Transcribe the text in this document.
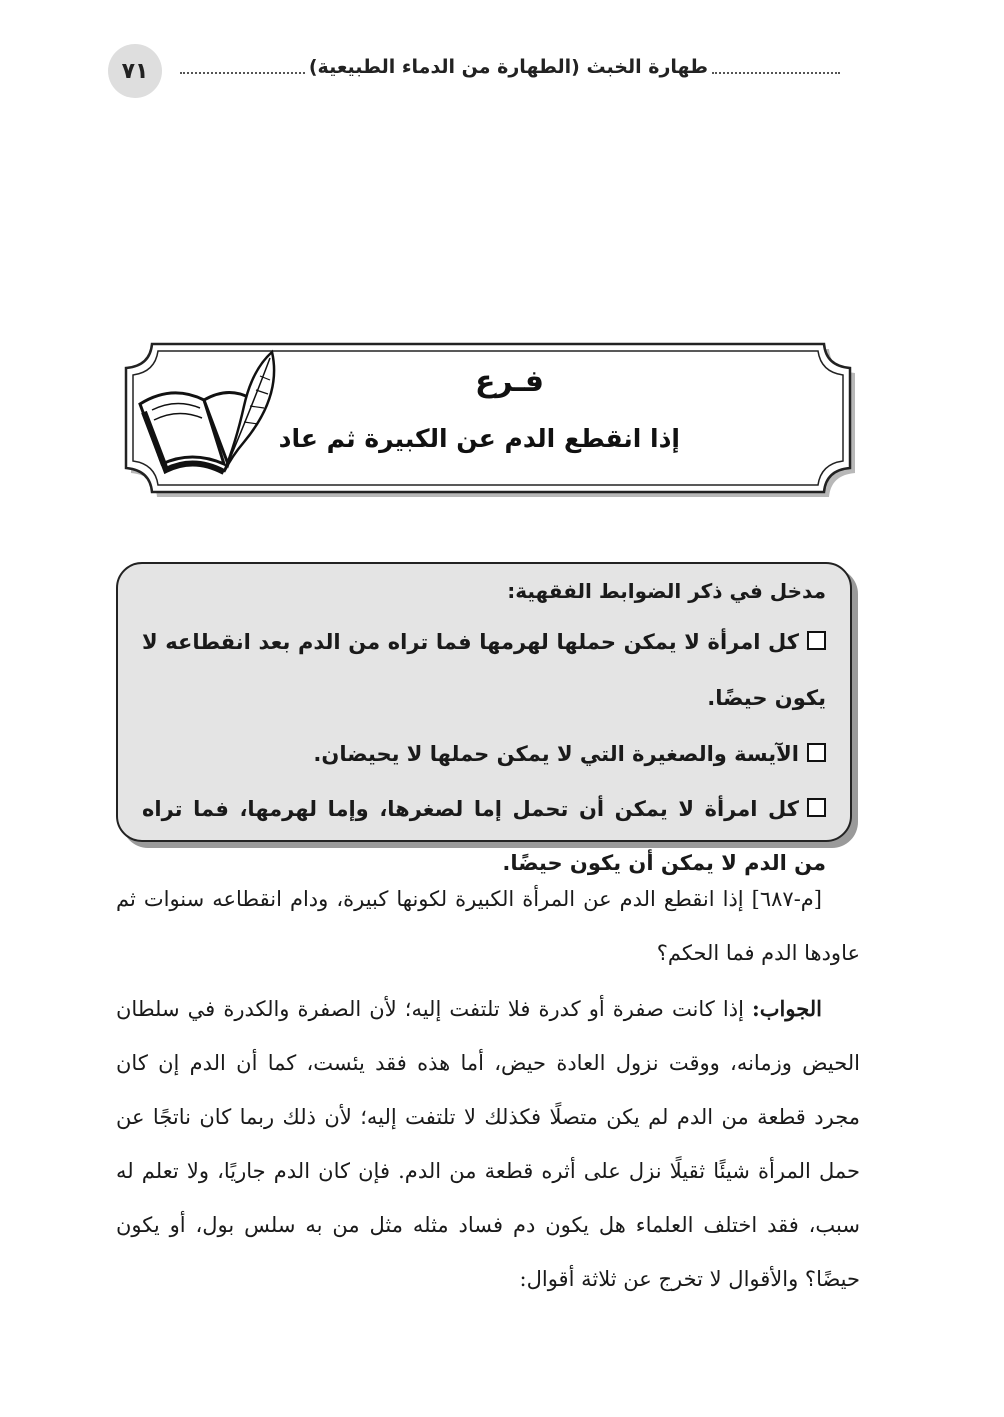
٧١	طهارة الخبث (الطهارة من الدماء الطبيعية)
فـرع
إذا انقطع الدم عن الكبيرة ثم عاد
مدخل في ذكر الضوابط الفقهية:

كل امرأة لا يمكن حملها لهرمها فما تراه من الدم بعد انقطاعه لا يكون حيضًا.

الآيسة والصغيرة التي لا يمكن حملها لا يحيضان.

كل امرأة لا يمكن أن تحمل إما لصغرها، وإما لهرمها، فما تراه من الدم لا يمكن أن يكون حيضًا.

[م-٦٨٧] إذا انقطع الدم عن المرأة الكبيرة لكونها كبيرة، ودام انقطاعه سنوات ثم عاودها الدم فما الحكم؟

الجواب: إذا كانت صفرة أو كدرة فلا تلتفت إليه؛ لأن الصفرة والكدرة في سلطان الحيض وزمانه، ووقت نزول العادة حيض، أما هذه فقد يئست، كما أن الدم إن كان مجرد قطعة من الدم لم يكن متصلًا فكذلك لا تلتفت إليه؛ لأن ذلك ربما كان ناتجًا عن حمل المرأة شيئًا ثقيلًا نزل على أثره قطعة من الدم. فإن كان الدم جاريًا، ولا تعلم له سبب، فقد اختلف العلماء هل يكون دم فساد مثله مثل من به سلس بول، أو يكون حيضًا؟ والأقوال لا تخرج عن ثلاثة أقوال:
